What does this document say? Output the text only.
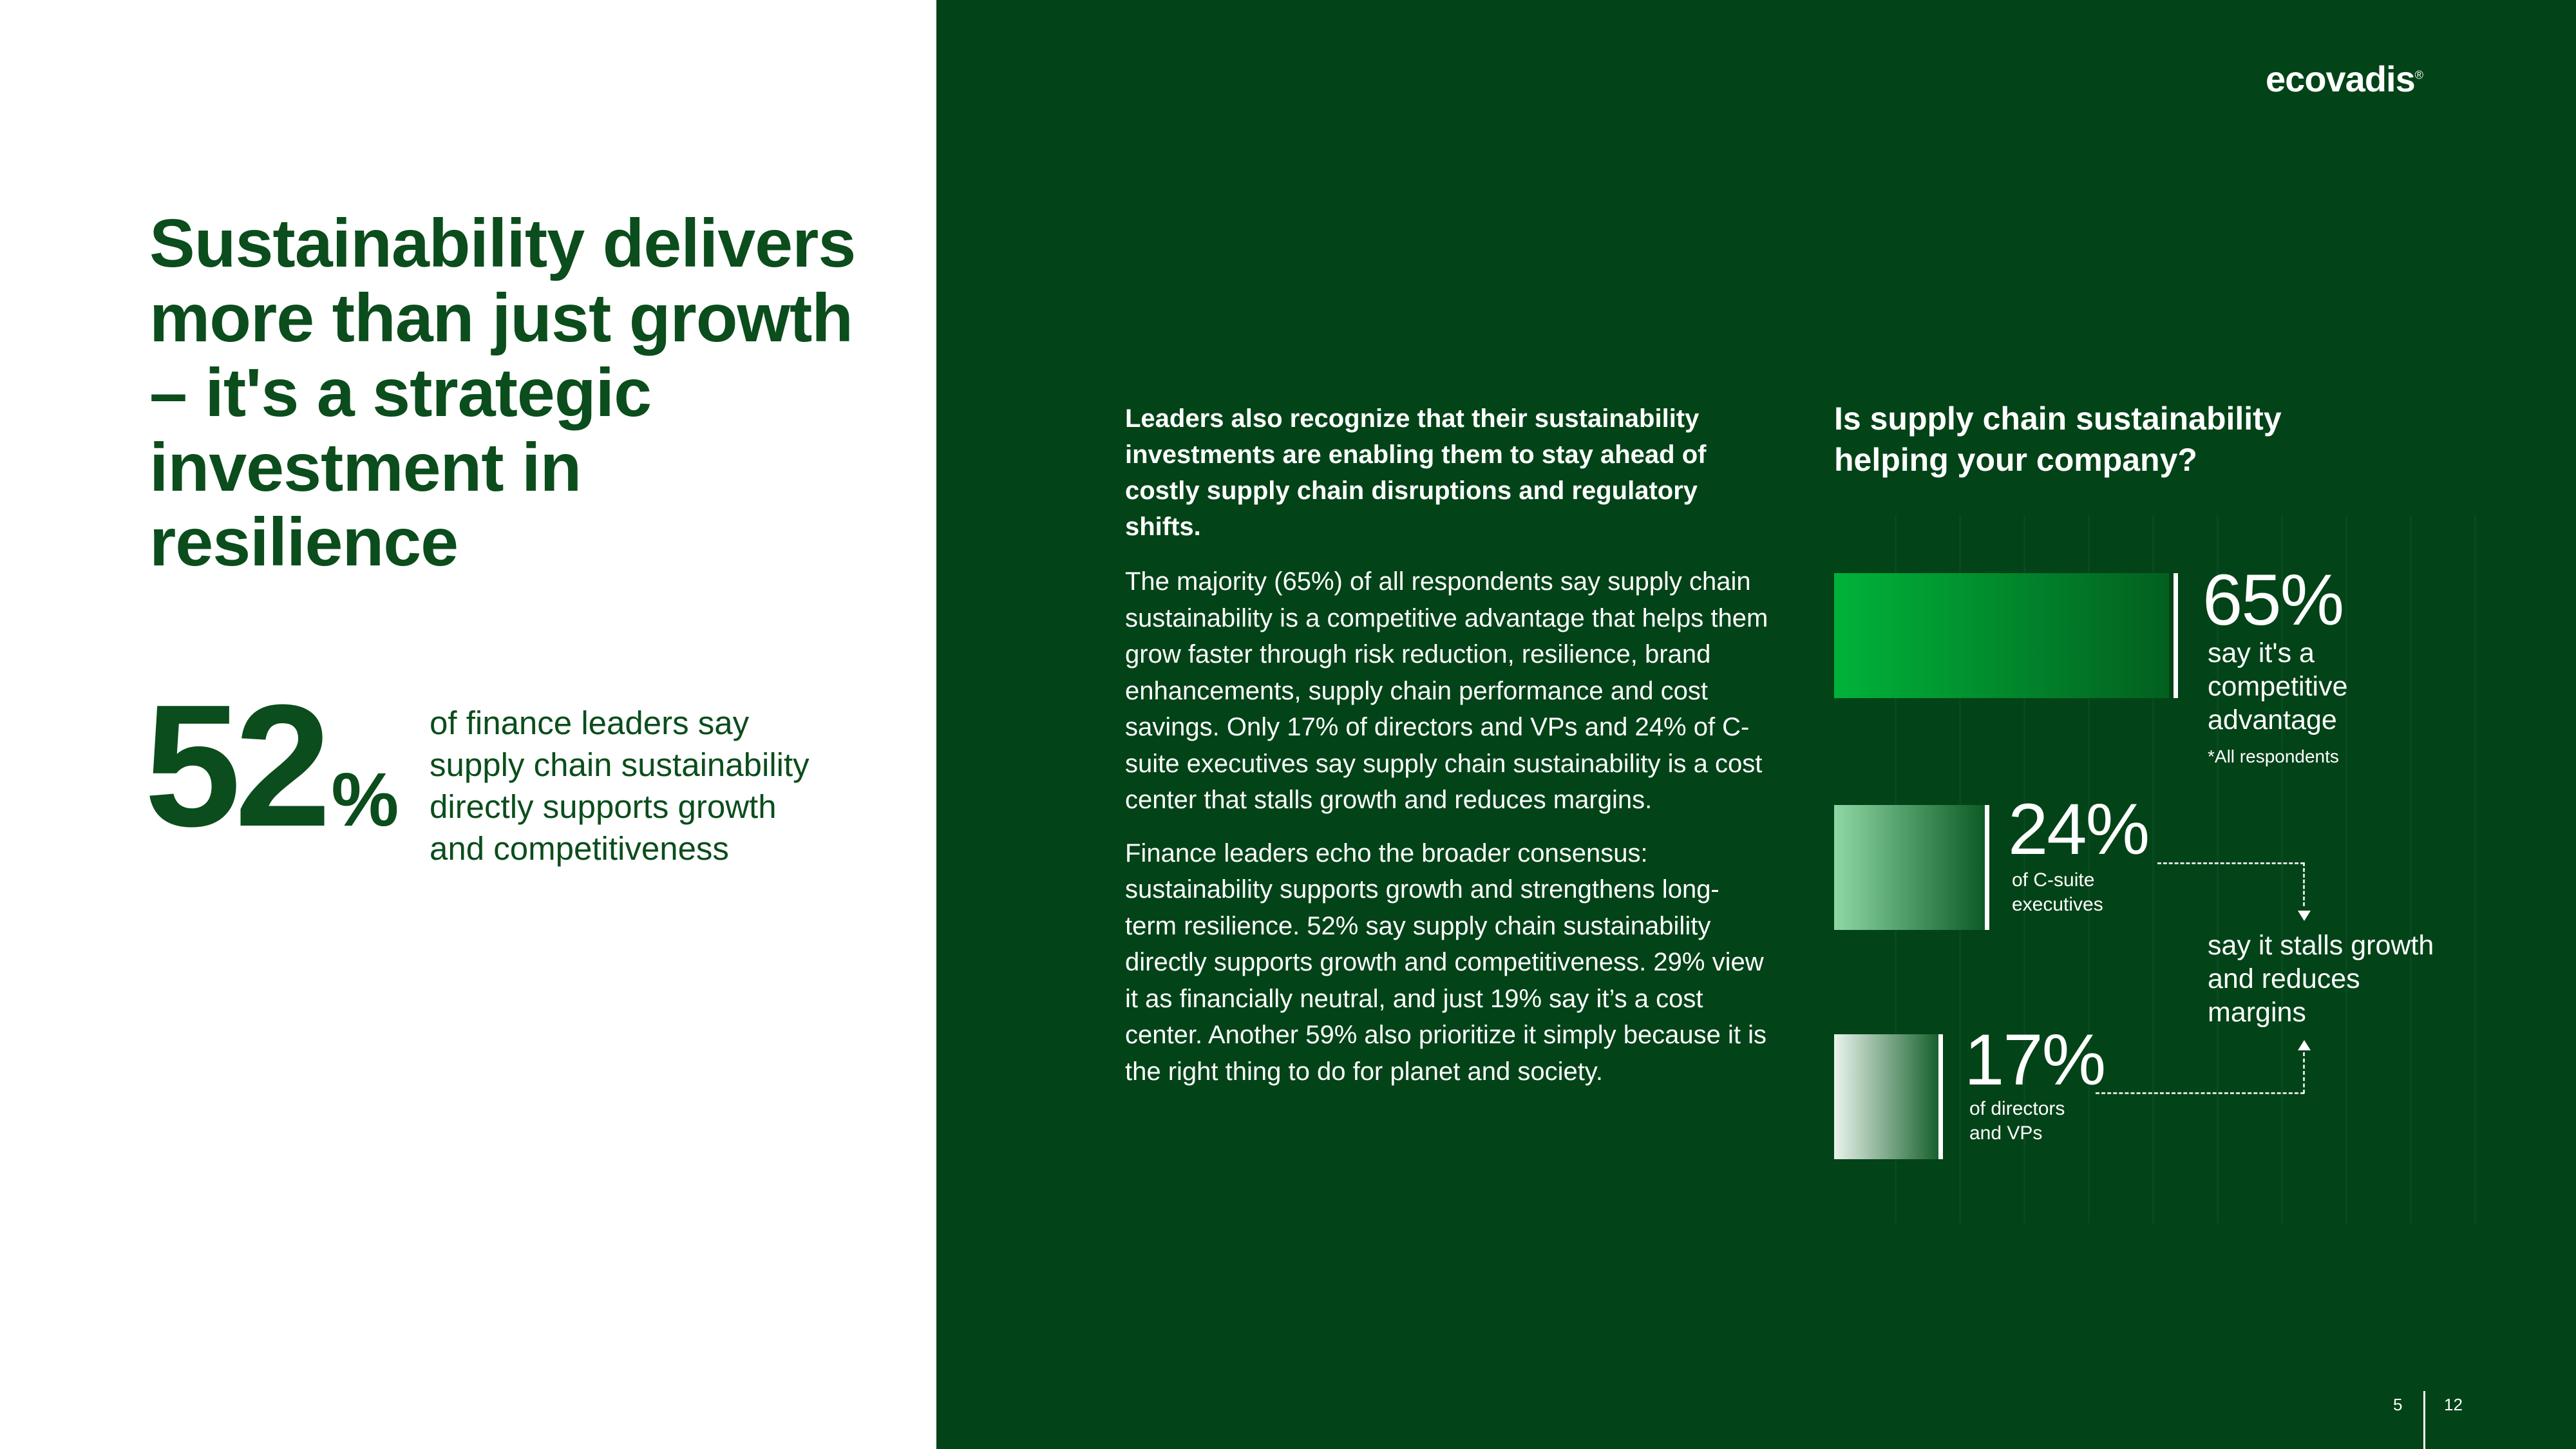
Sustainability delivers more than just growth – it's a strategic investment in resilience
52%
of finance leaders say supply chain sustainability directly supports growth and competitiveness
ecovadis®
Leaders also recognize that their sustainability investments are enabling them to stay ahead of costly supply chain disruptions and regulatory shifts.

The majority (65%) of all respondents say supply chain sustainability is a competitive advantage that helps them grow faster through risk reduction, resilience, brand enhancements, supply chain performance and cost savings. Only 17% of directors and VPs and 24% of C-suite executives say supply chain sustainability is a cost center that stalls growth and reduces margins.

Finance leaders echo the broader consensus: sustainability supports growth and strengthens long-term resilience. 52% say supply chain sustainability directly supports growth and competitiveness. 29% view it as financially neutral, and just 19% say it’s a cost center. Another 59% also prioritize it simply because it is the right thing to do for planet and society.

Is supply chain sustainability helping your company?
65%
say it's a competitive advantage
*All respondents
24%
of C-suite executives
17%
of directors and VPs
say it stalls growth and reduces margins
5 12
